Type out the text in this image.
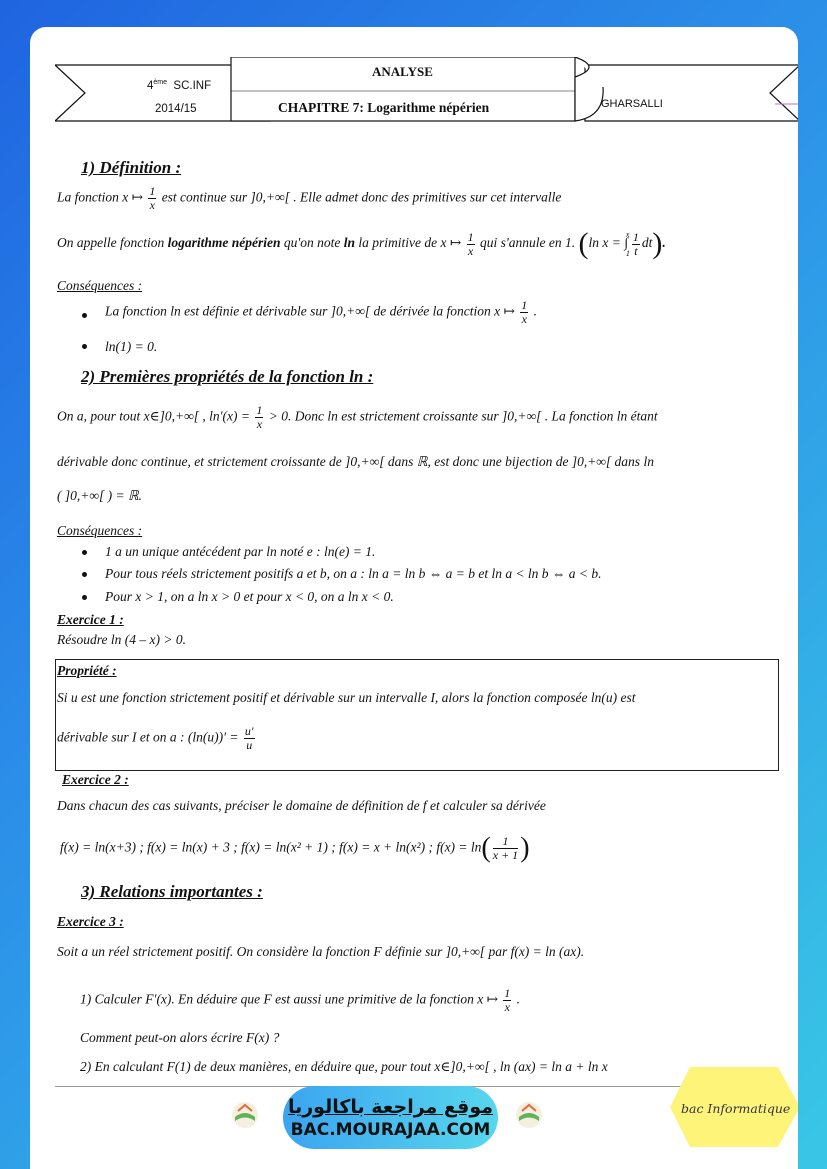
4ème SC.INF
2014/15
ANALYSE
CHAPITRE 7: Logarithme népérien	GHARSALLI
1) Définition :
La fonction x ↦ $\frac{1}{x}$ est continue sur ]0,+∞[ . Elle admet donc des primitives sur cet intervalle
On appelle fonction logarithme népérien qu'on note ln la primitive de x ↦ $\frac{1}{x}$ qui s'annule en 1. (ln x = ∫
x
$1 \frac{1}{t} dt$).
Conséquences :
La fonction ln est définie et dérivable sur ]0,+∞[ de dérivée la fonction x ↦ $\frac{1}{x}$ .
ln(1) = 0.
2) Premières propriétés de la fonction ln :
On a, pour tout x∈]0,+∞[ , $\ln'(x) = \frac{1}{x} > 0$. Donc ln est strictement croissante sur ]0,+∞[ . La fonction ln étant
dérivable donc continue, et strictement croissante de ]0,+∞[ dans ℝ, est donc une bijection de ]0,+∞[ dans ln
( ]0,+∞[ ) = ℝ.
Conséquences :
1 a un unique antécédent par ln noté e : ln(e) = 1.
Pour tous réels strictement positifs a et b, on a : ln a = ln b ⇔ a = b et ln a < ln b ⇔ a < b.
Pour x > 1, on a ln x > 0 et pour x < 0, on a ln x < 0.
Exercice 1 :
Résoudre ln (4 – x) > 0.
Propriété :
Si u est une fonction strictement positif et dérivable sur un intervalle I, alors la fonction composée ln(u) est
dérivable sur I et on a : $(\ln(u))' = \frac{u'}{u}$
Exercice 2 :
Dans chacun des cas suivants, préciser le domaine de définition de f et calculer sa dérivée
f(x) = ln(x+3) ; f(x) = ln(x) + 3 ; f(x) = ln(x² + 1) ; f(x) = x + ln(x²) ; $f(x) = \ln( \frac{1}{x + 1}$ )
3) Relations importantes :
Exercice 3 :
Soit a un réel strictement positif. On considère la fonction F définie sur ]0,+∞[ par f(x) = ln (ax).
1) Calculer F′(x). En déduire que F est aussi une primitive de la fonction x ↦ $\frac{1}{x}$ .
Comment peut-on alors écrire F(x) ?
2) En calculant F(1) de deux manières, en déduire que, pour tout x∈]0,+∞[ , ln (ax) = ln a + ln x
موقع مراجعة باكالوريا
BAC.MOURAJAA.COM
bac Informatique
